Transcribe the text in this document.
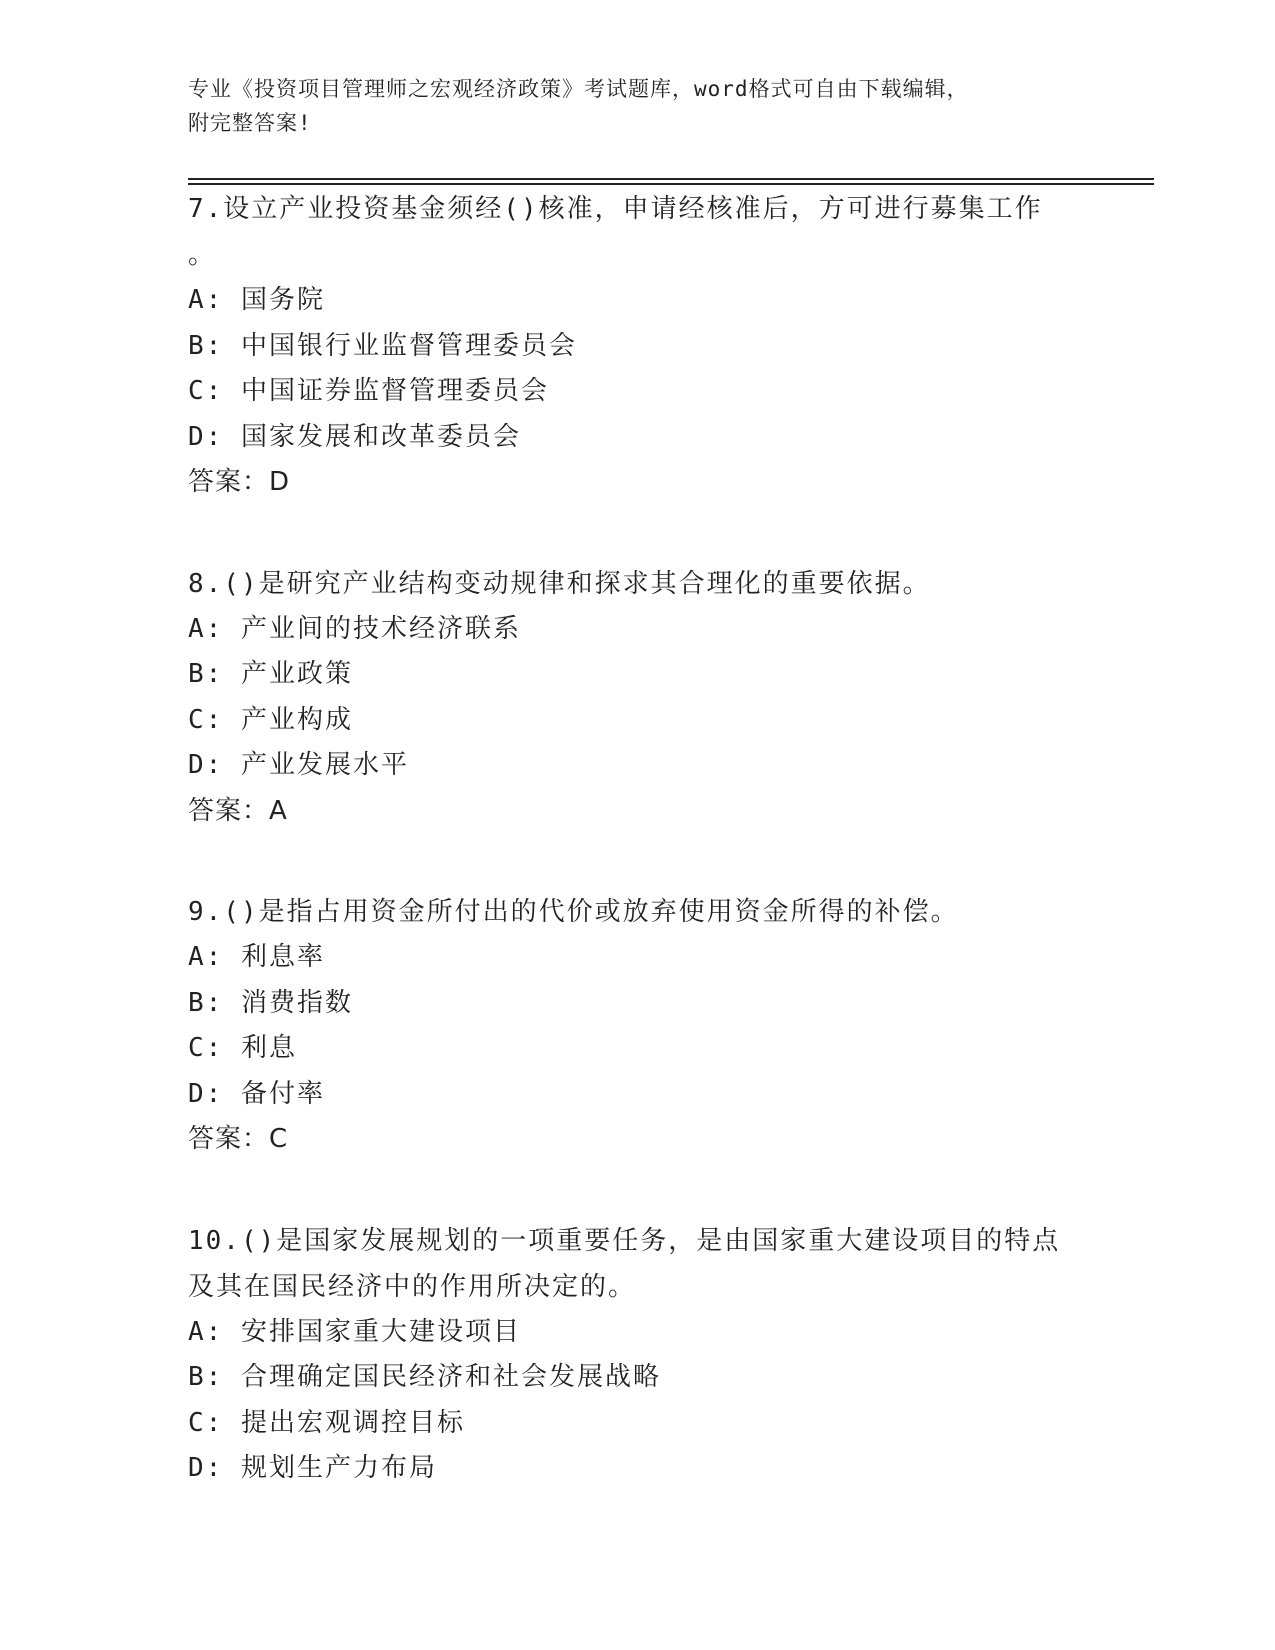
专业《投资项目管理师之宏观经济政策》考试题库，word格式可自由下载编辑，
附完整答案!
7.设立产业投资基金须经()核准，申请经核准后，方可进行募集工作
。
A: 国务院
B: 中国银行业监督管理委员会
C: 中国证券监督管理委员会
D: 国家发展和改革委员会
答案：D
8.()是研究产业结构变动规律和探求其合理化的重要依据。
A: 产业间的技术经济联系
B: 产业政策
C: 产业构成
D: 产业发展水平
答案：A
9.()是指占用资金所付出的代价或放弃使用资金所得的补偿。
A: 利息率
B: 消费指数
C: 利息
D: 备付率
答案：C
10.()是国家发展规划的一项重要任务，是由国家重大建设项目的特点
及其在国民经济中的作用所决定的。
A: 安排国家重大建设项目
B: 合理确定国民经济和社会发展战略
C: 提出宏观调控目标
D: 规划生产力布局
